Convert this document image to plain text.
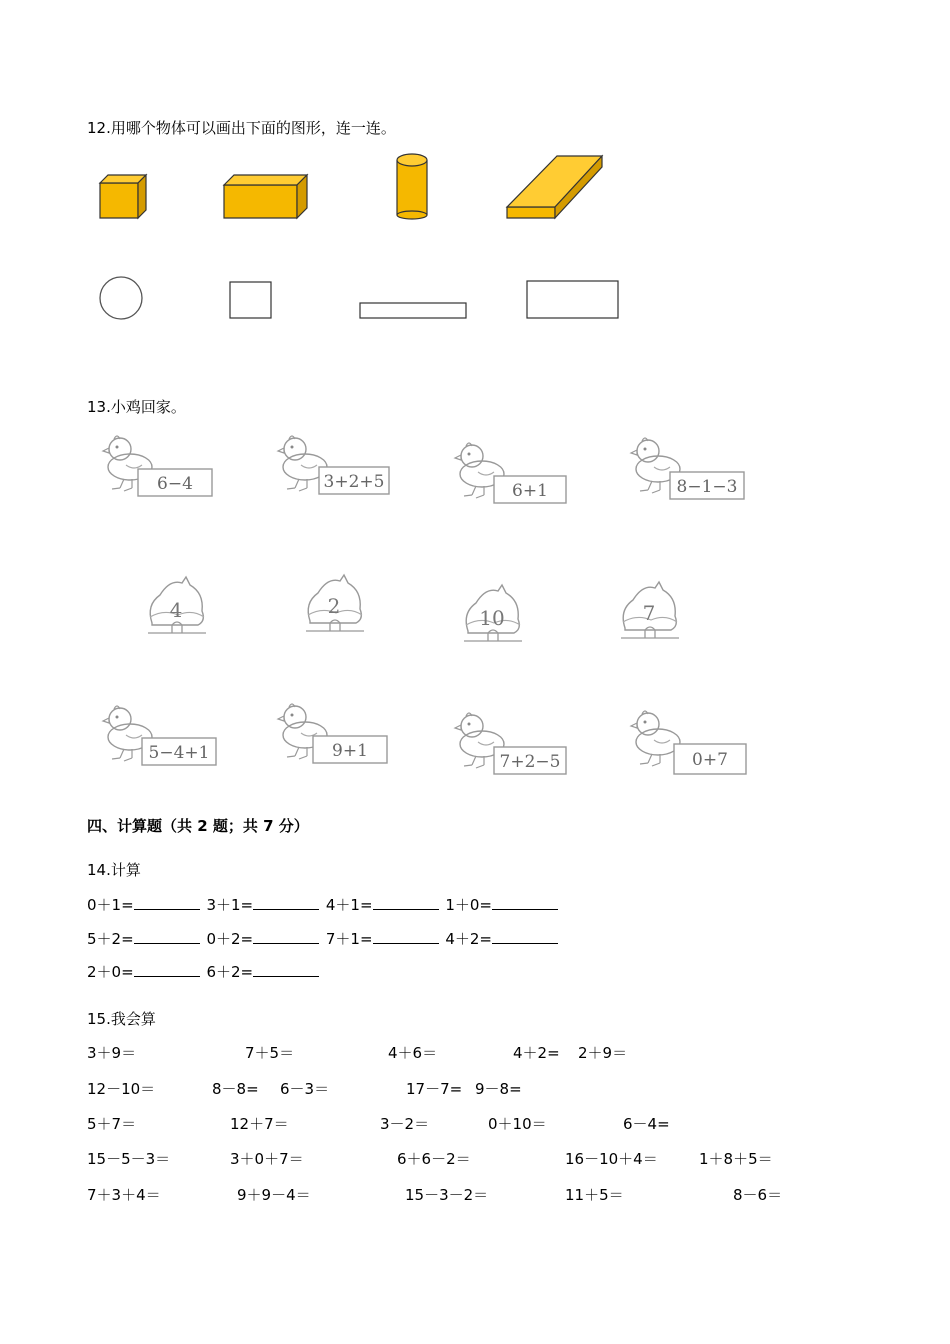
12.用哪个物体可以画出下面的图形，连一连。
13.小鸡回家。
6−4	3+2+5	6+1	8−1−3
4	2	10	7
5−4+1	9+1
7+2−5	0+7
四、计算题（共 2 题；共 7 分）
14.计算
0＋1=	3＋1=	4＋1=	1＋0=
5＋2=	0＋2=	7＋1=	4＋2=
2＋0=	6＋2=
15.我会算
3＋9＝	7＋5＝	4＋6＝	4＋2= 2＋9＝
12－10＝	8－8= 6－3＝	17－7= 9－8=
5＋7＝	12＋7＝	3－2＝	0＋10＝	6－4=
15－5－3＝	3＋0＋7＝	6＋6－2＝	16－10＋4＝	1＋8＋5＝
7＋3＋4＝	9＋9－4＝	15－3－2＝	11＋5＝	8－6＝
